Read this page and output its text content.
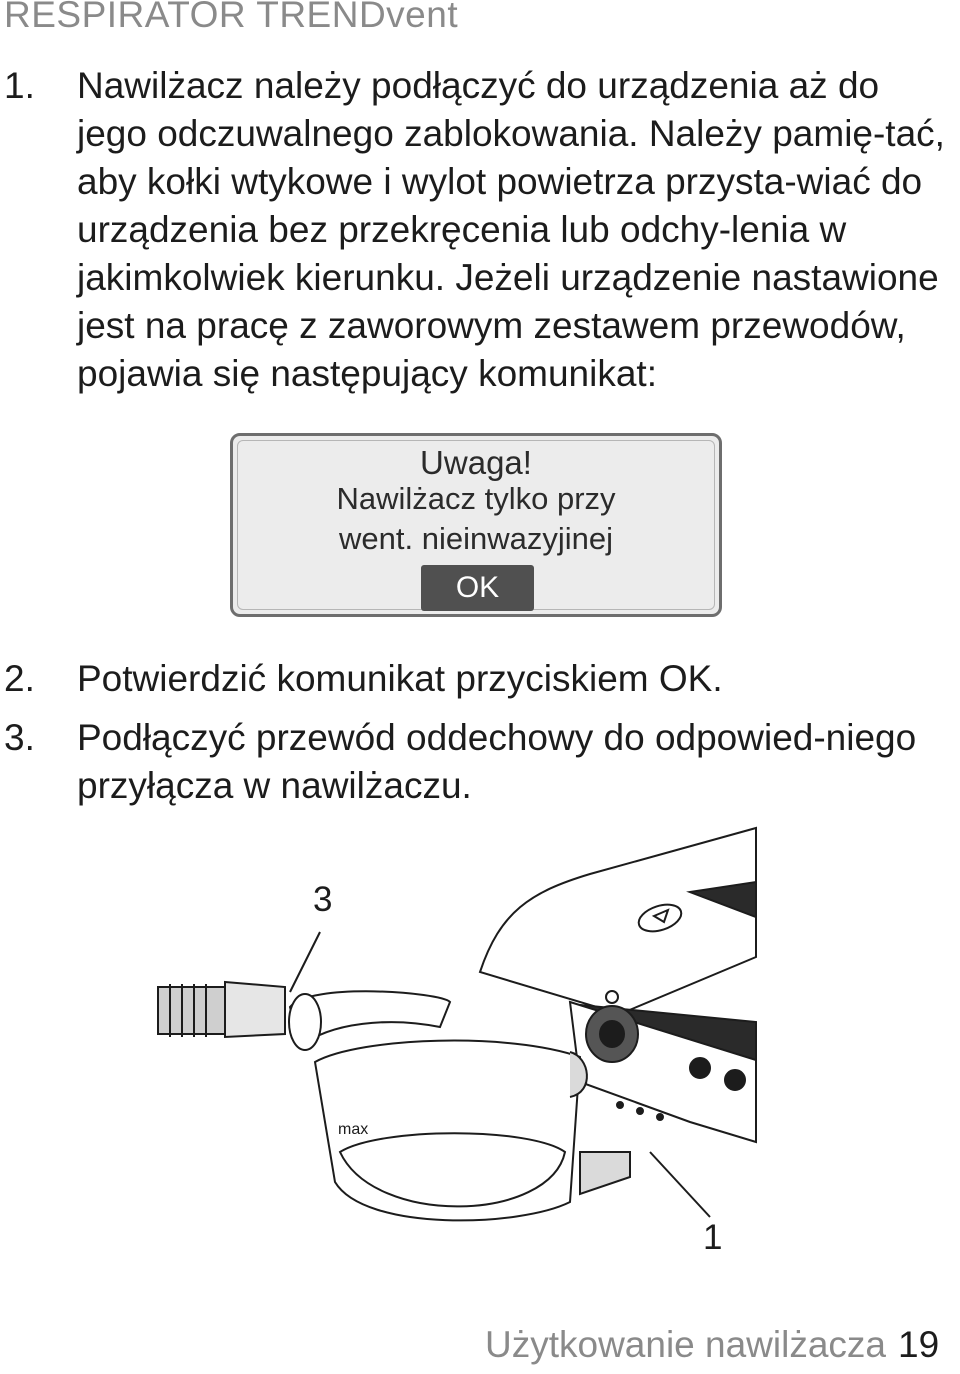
RESPIRATOR TRENDvent
1. Nawilżacz należy podłączyć do urządzenia aż do jego odczuwalnego zablokowania. Należy pamię-tać, aby kołki wtykowe i wylot powietrza przysta-wiać do urządzenia bez przekręcenia lub odchy-lenia w jakimkolwiek kierunku. Jeżeli urządzenie nastawione jest na pracę z zaworowym zestawem przewodów, pojawia się następujący komunikat:
Uwaga!
Nawilżacz tylko przy
went. nieinwazyjinej
OK
2. Potwierdzić komunikat przyciskiem OK.
3. Podłączyć przewód oddechowy do odpowied-niego przyłącza w nawilżaczu.
max
3
1
Użytkowanie nawilżacza 19
